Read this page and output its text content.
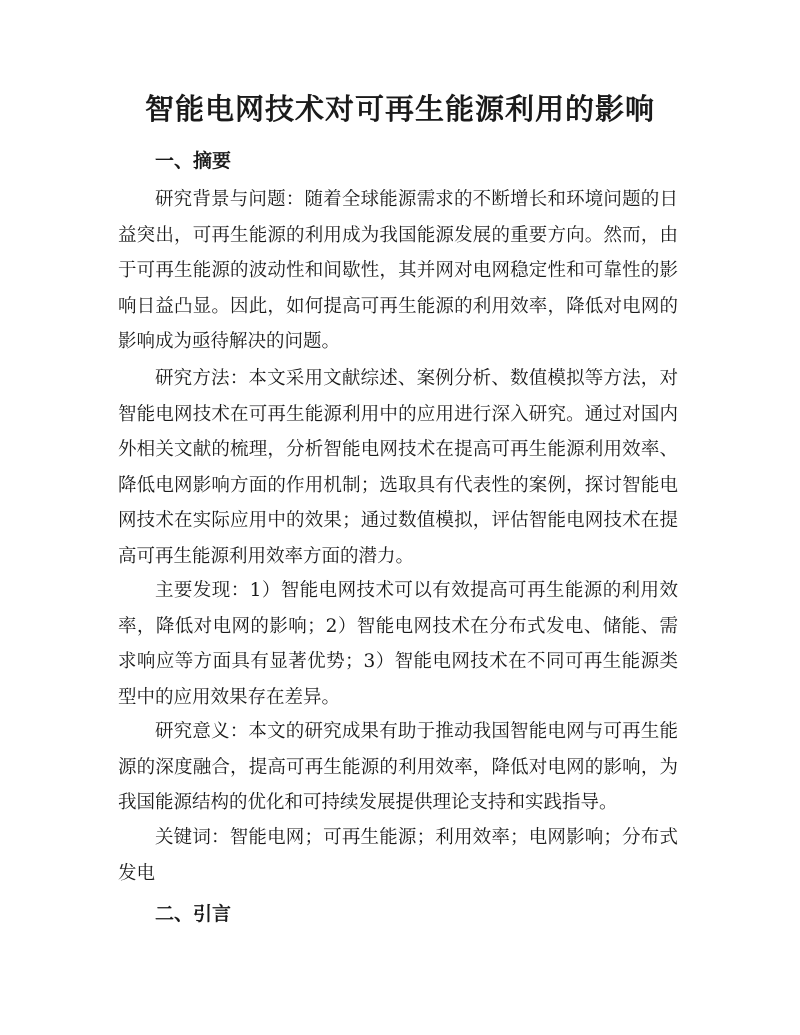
智能电网技术对可再生能源利用的影响
一、摘要

研究背景与问题：随着全球能源需求的不断增长和环境问题的日益突出，可再生能源的利用成为我国能源发展的重要方向。然而，由于可再生能源的波动性和间歇性，其并网对电网稳定性和可靠性的影响日益凸显。因此，如何提高可再生能源的利用效率，降低对电网的影响成为亟待解决的问题。

研究方法：本文采用文献综述、案例分析、数值模拟等方法，对智能电网技术在可再生能源利用中的应用进行深入研究。通过对国内外相关文献的梳理，分析智能电网技术在提高可再生能源利用效率、降低电网影响方面的作用机制；选取具有代表性的案例，探讨智能电网技术在实际应用中的效果；通过数值模拟，评估智能电网技术在提高可再生能源利用效率方面的潜力。

主要发现：1）智能电网技术可以有效提高可再生能源的利用效率，降低对电网的影响；2）智能电网技术在分布式发电、储能、需求响应等方面具有显著优势；3）智能电网技术在不同可再生能源类型中的应用效果存在差异。

研究意义：本文的研究成果有助于推动我国智能电网与可再生能源的深度融合，提高可再生能源的利用效率，降低对电网的影响，为我国能源结构的优化和可持续发展提供理论支持和实践指导。

关键词：智能电网；可再生能源；利用效率；电网影响；分布式发电

二、引言
